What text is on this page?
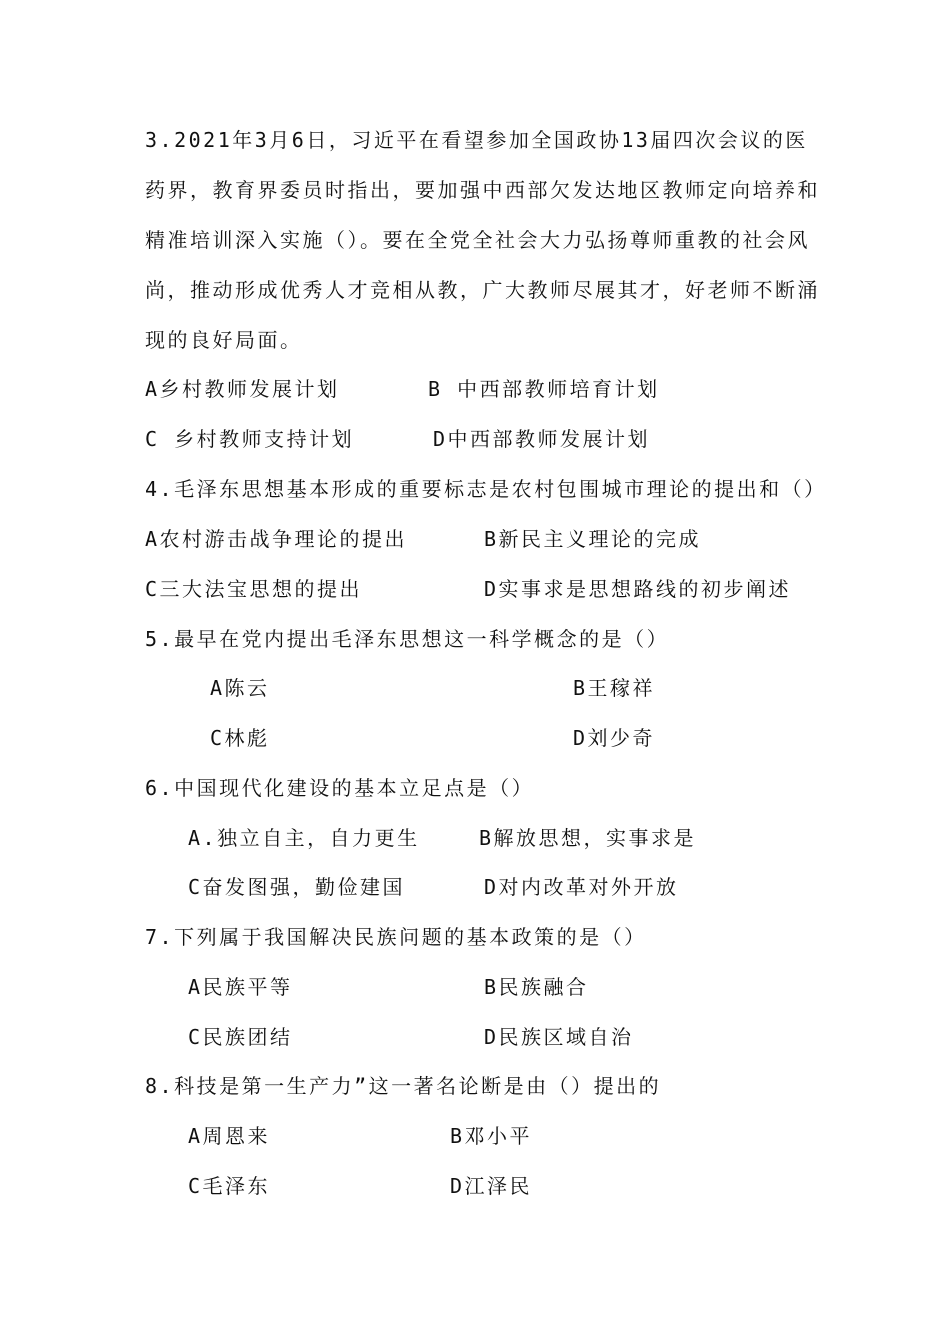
3.2021年3月6日，习近平在看望参加全国政协13届四次会议的医
药界，教育界委员时指出，要加强中西部欠发达地区教师定向培养和
精准培训深入实施（）。要在全党全社会大力弘扬尊师重教的社会风
尚，推动形成优秀人才竞相从教，广大教师尽展其才，好老师不断涌
现的良好局面。
A乡村教师发展计划	B 中西部教师培育计划
C 乡村教师支持计划	D中西部教师发展计划
4.毛泽东思想基本形成的重要标志是农村包围城市理论的提出和（）
A农村游击战争理论的提出	B新民主义理论的完成
C三大法宝思想的提出	D实事求是思想路线的初步阐述
5.最早在党内提出毛泽东思想这一科学概念的是（）
A陈云	B王稼祥
C林彪	D刘少奇
6.中国现代化建设的基本立足点是（）
A.独立自主，自力更生	B解放思想，实事求是
C奋发图强，勤俭建国	D对内改革对外开放
7.下列属于我国解决民族问题的基本政策的是（）
A民族平等	B民族融合
C民族团结	D民族区域自治
8.科技是第一生产力”这一著名论断是由（）提出的
A周恩来	B邓小平
C毛泽东	D江泽民
